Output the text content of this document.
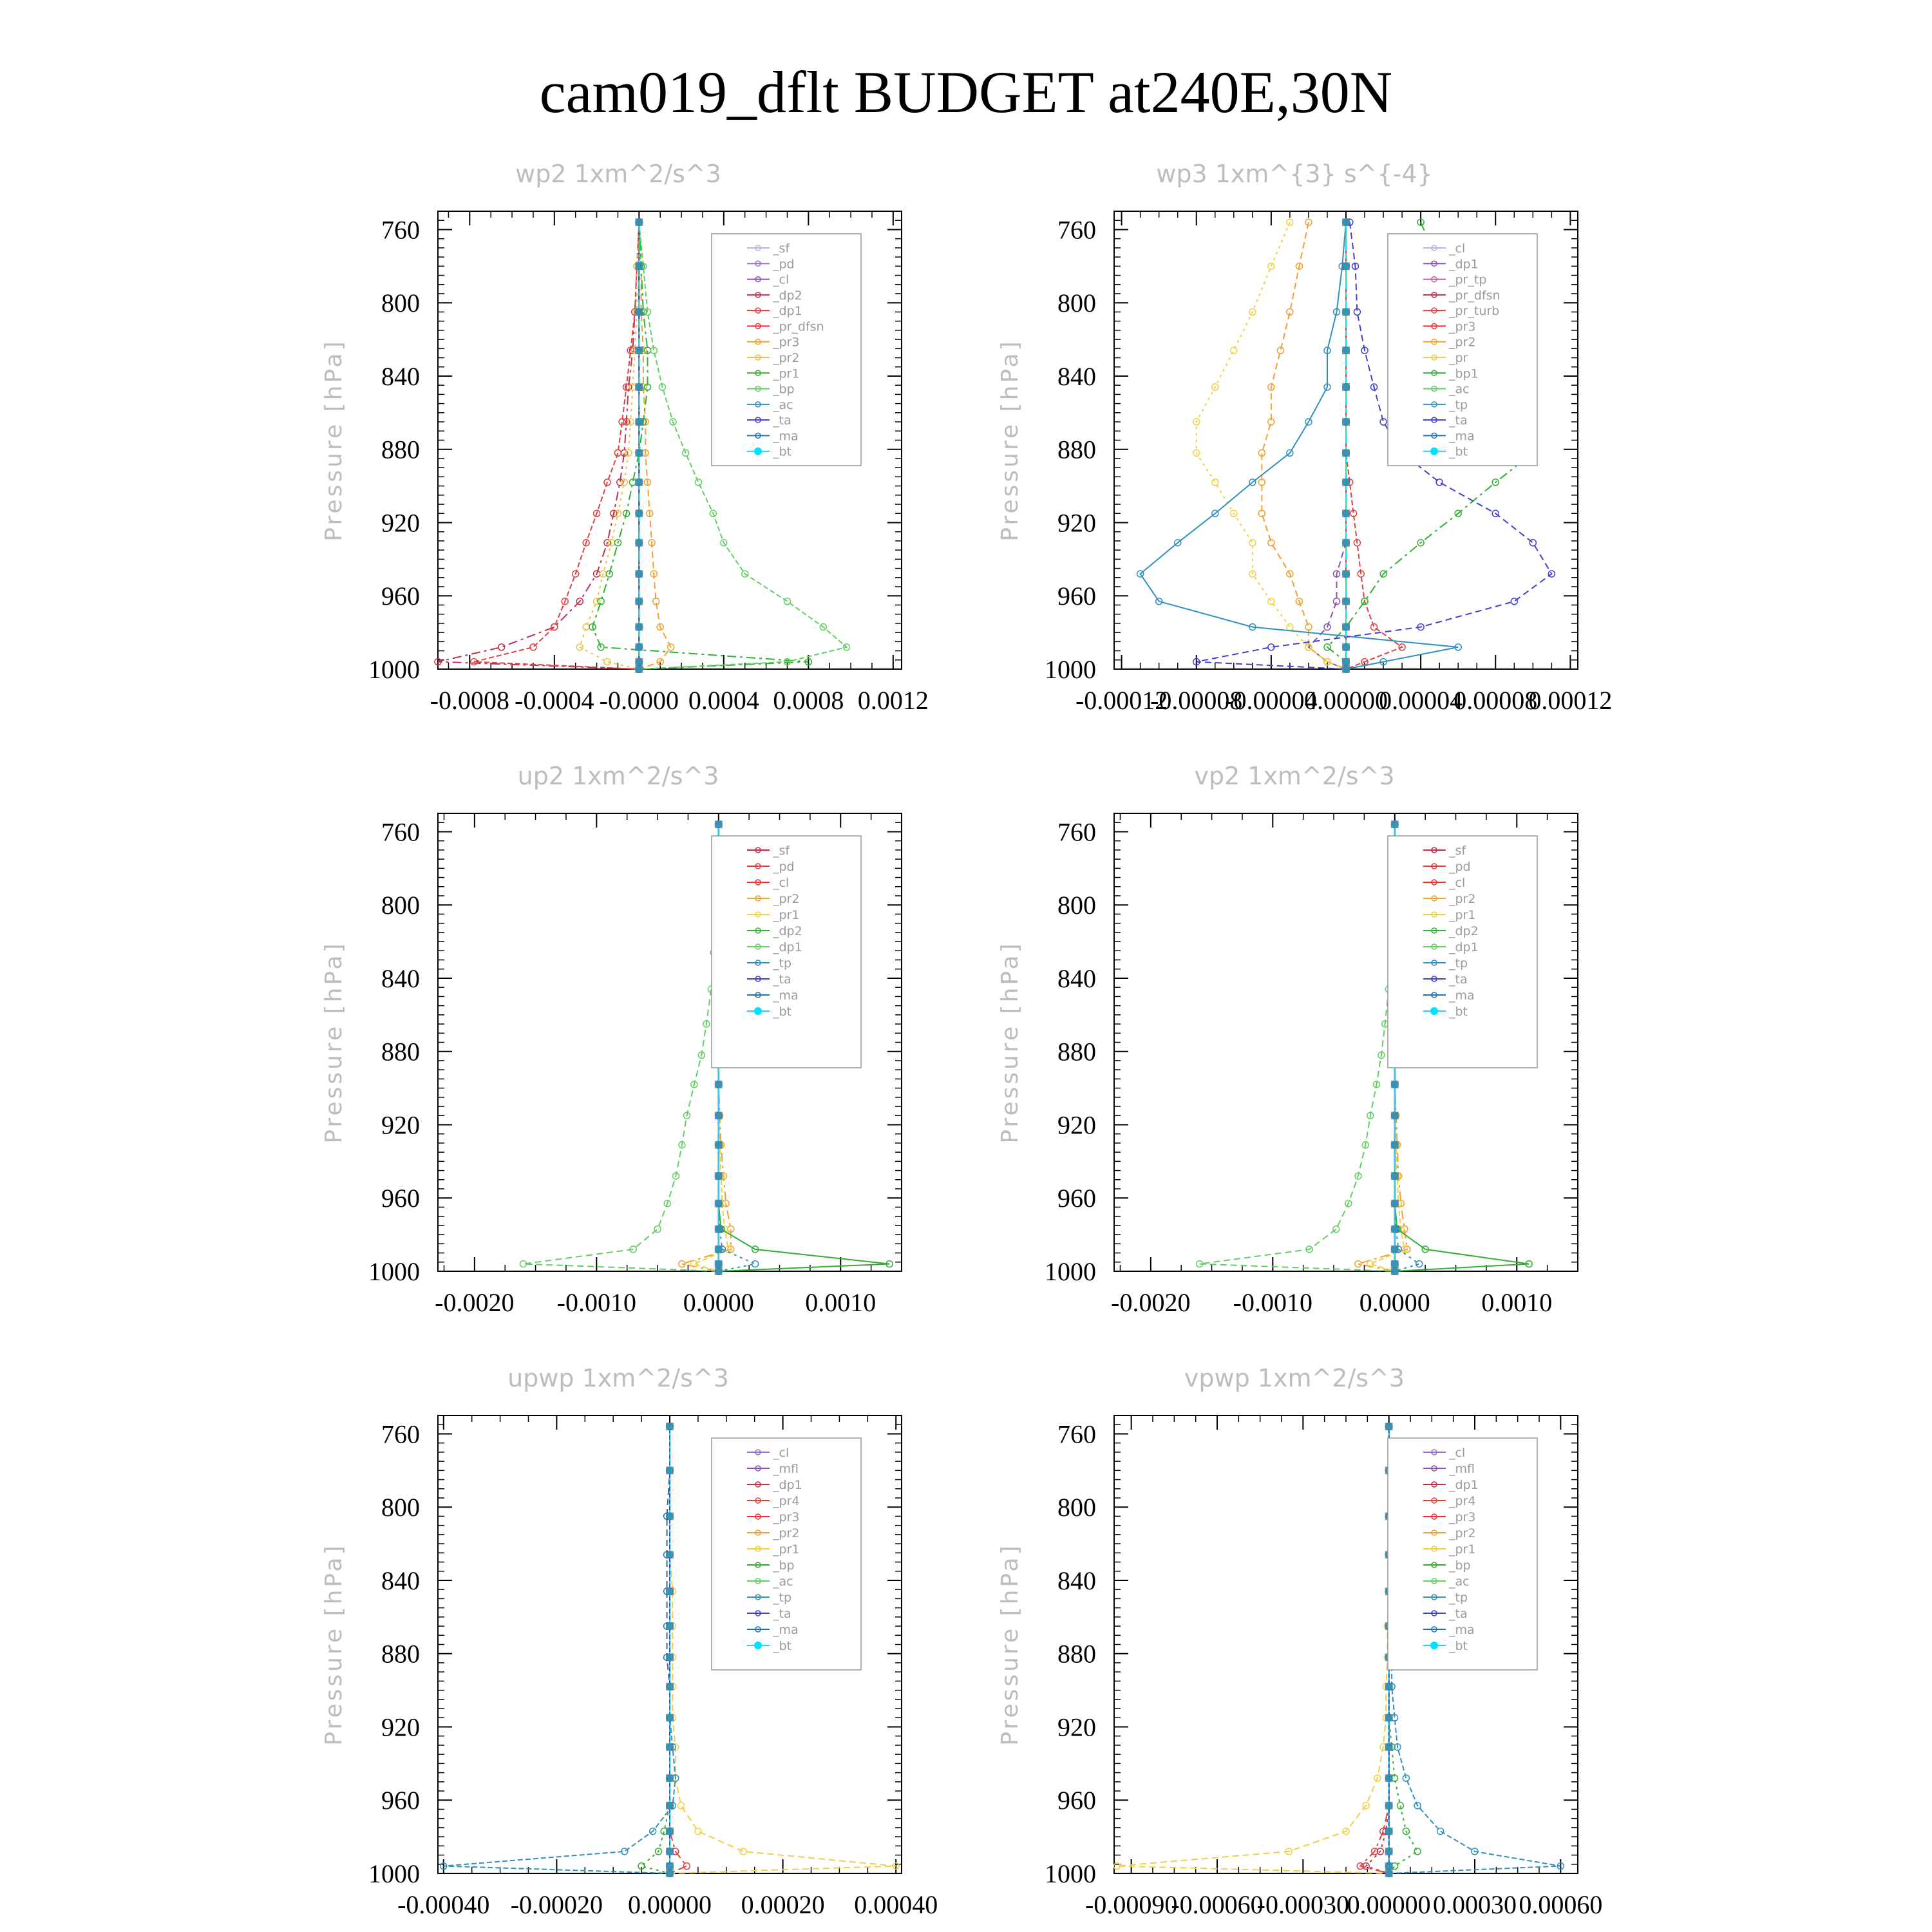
cam019_dflt BUDGET at240E,30N
wp2 1xm^2/s^3
Pressure [hPa]
760
800
840
880
920
960
1000
-0.0008 -0.0004 -0.0000 0.0004 0.0008 0.0012
_sf
_pd
_cl
_dp2
_dp1
_pr_dfsn
_pr3
_pr2
_pr1
_bp
_ac
_ta
_ma
_bt
wp3 1xm^{3} s^{-4}
Pressure [hPa]
760
800
840
880
920
960
1000
-0.00012
-0.00008
-0.00004
0.00000
0.00004
0.00008
0.00012
_cl
_dp1
_pr_tp
_pr_dfsn
_pr_turb
_pr3
_pr2
_pr
_bp1
_ac
_tp
_ta
_ma
_bt
up2 1xm^2/s^3
Pressure [hPa]
760
800
840
880
920
960
1000
-0.0020 -0.0010 0.0000 0.0010
_sf
_pd
_cl
_pr2
_pr1
_dp2
_dp1
_tp
_ta
_ma
_bt
vp2 1xm^2/s^3
Pressure [hPa]
760
800
840
880
920
960
1000
-0.0020 -0.0010 0.0000 0.0010
_sf
_pd
_cl
_pr2
_pr1
_dp2
_dp1
_tp
_ta
_ma
_bt
upwp 1xm^2/s^3
Pressure [hPa]
760
800
840
880
920
960
1000
-0.00040 -0.00020 0.00000 0.00020 0.00040
_cl
_mfl
_dp1
_pr4
_pr3
_pr2
_pr1
_bp
_ac
_tp
_ta
_ma
_bt
vpwp 1xm^2/s^3
Pressure [hPa]
760
800
840
880
920
960
1000
-0.00090
-0.00060
-0.00030
0.00000 0.00030 0.00060
_cl
_mfl
_dp1
_pr4
_pr3
_pr2
_pr1
_bp
_ac
_tp
_ta
_ma
_bt
